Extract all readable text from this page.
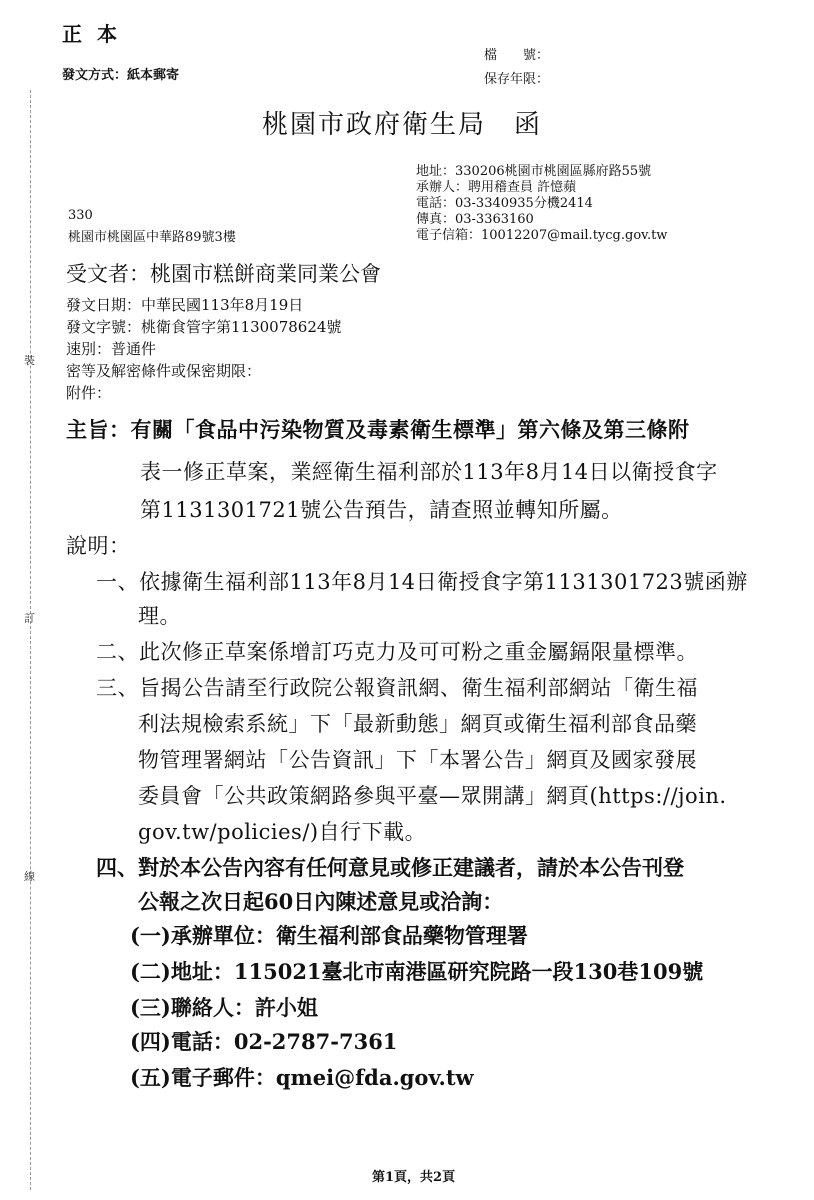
裝
訂
線
正 本
發文方式：紙本郵寄
檔　　號：
保存年限：
桃園市政府衛生局　函
地址：330206桃園市桃園區縣府路55號
承辦人：聘用稽查員 許憶蘋
電話：03-3340935分機2414
傳真：03-3363160
電子信箱：10012207@mail.tycg.gov.tw
330
桃園市桃園區中華路89號3樓
受文者：桃園市糕餅商業同業公會
發文日期：中華民國113年8月19日
發文字號：桃衛食管字第1130078624號
速別：普通件
密等及解密條件或保密期限：
附件：
主旨：有關「食品中污染物質及毒素衛生標準」第六條及第三條附
表一修正草案，業經衛生福利部於113年8月14日以衛授食字
第1131301721號公告預告，請查照並轉知所屬。
說明：
一、依據衛生福利部113年8月14日衛授食字第1131301723號函辦
理。
二、此次修正草案係增訂巧克力及可可粉之重金屬鎘限量標準。
三、旨揭公告請至行政院公報資訊網、衛生福利部網站「衛生福
利法規檢索系統」下「最新動態」網頁或衛生福利部食品藥
物管理署網站「公告資訊」下「本署公告」網頁及國家發展
委員會「公共政策網路參與平臺—眾開講」網頁(https://join.
gov.tw/policies/)自行下載。
四、對於本公告內容有任何意見或修正建議者，請於本公告刊登
公報之次日起60日內陳述意見或洽詢：
(一)承辦單位：衛生福利部食品藥物管理署
(二)地址：115021臺北市南港區研究院路一段130巷109號
(三)聯絡人：許小姐
(四)電話：02-2787-7361
(五)電子郵件：qmei@fda.gov.tw
第1頁，共2頁
